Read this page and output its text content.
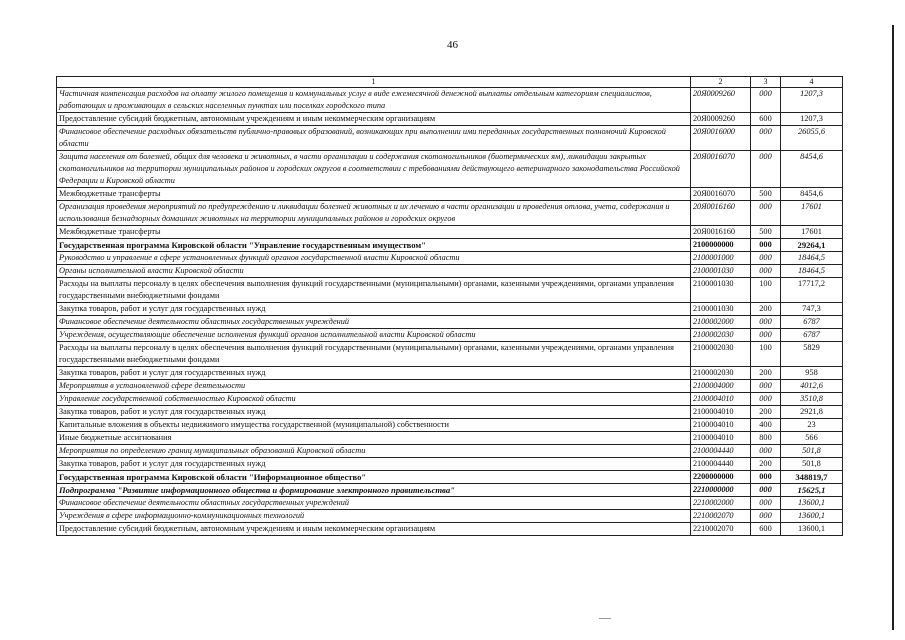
46
1	2	3	4
Частичная компенсация расходов на оплату жилого помещения и коммунальных услуг в виде ежемесячной денежной выплаты отдельным категориям специалистов, работающих и проживающих в сельских населенных пунктах или поселках городского типа	20Я0009260	000	1207,3
Предоставление субсидий бюджетным, автономным учреждениям и иным некоммерческим организациям	20Я0009260	600	1207,3
Финансовое обеспечение расходных обязательств публично-правовых образований, возникающих при выполнении ими переданных государственных полномочий Кировской области	20Я0016000	000	26055,6
Защита населения от болезней, общих для человека и животных, в части организации и содержания скотомогильников (биотермических ям), ликвидации закрытых скотомогильников на территории муниципальных районов и городских округов в соответствии с требованиями действующего ветеринарного законодательства Российской Федерации и Кировской области	20Я0016070	000	8454,6
Межбюджетные трансферты	20Я0016070	500	8454,6
Организация проведения мероприятий по предупреждению и ликвидации болезней животных и их лечению в части организации и проведения отлова, учета, содержания и использования безнадзорных домашних животных на территории муниципальных районов и городских округов	20Я0016160	000	17601
Межбюджетные трансферты	20Я0016160	500	17601
Государственная программа Кировской области "Управление государственным имуществом"	2100000000	000	29264,1
Руководство и управление в сфере установленных функций органов государственной власти Кировской области	2100001000	000	18464,5
Органы исполнительной власти Кировской области	2100001030	000	18464,5
Расходы на выплаты персоналу в целях обеспечения выполнения функций государственными (муниципальными) органами, казенными учреждениями, органами управления государственными внебюджетными фондами	2100001030	100	17717,2
Закупка товаров, работ и услуг для государственных нужд	2100001030	200	747,3
Финансовое обеспечение деятельности областных государственных учреждений	2100002000	000	6787
Учреждения, осуществляющие обеспечение исполнения функций органов исполнительной власти Кировской области	2100002030	000	6787
Расходы на выплаты персоналу в целях обеспечения выполнения функций государственными (муниципальными) органами, казенными учреждениями, органами управления государственными внебюджетными фондами	2100002030	100	5829
Закупка товаров, работ и услуг для государственных нужд	2100002030	200	958
Мероприятия в установленной сфере деятельности	2100004000	000	4012,6
Управление государственной собственностью Кировской области	2100004010	000	3510,8
Закупка товаров, работ и услуг для государственных нужд	2100004010	200	2921,8
Капитальные вложения в объекты недвижимого имущества государственной (муниципальной) собственности	2100004010	400	23
Иные бюджетные ассигнования	2100004010	800	566
Мероприятия по определению границ муниципальных образований Кировской области	2100004440	000	501,8
Закупка товаров, работ и услуг для государственных нужд	2100004440	200	501,8
Государственная программа Кировской области "Информационное общество"	2200000000	000	348819,7
Подпрограмма "Развитие информационного общества и формирование электронного правительства"	2210000000	000	15625,1
Финансовое обеспечение деятельности областных государственных учреждений	2210002000	000	13600,1
Учреждения в сфере информационно-коммуникационных технологий	2210002070	000	13600,1
Предоставление субсидий бюджетным, автономным учреждениям и иным некоммерческим организациям	2210002070	600	13600,1
